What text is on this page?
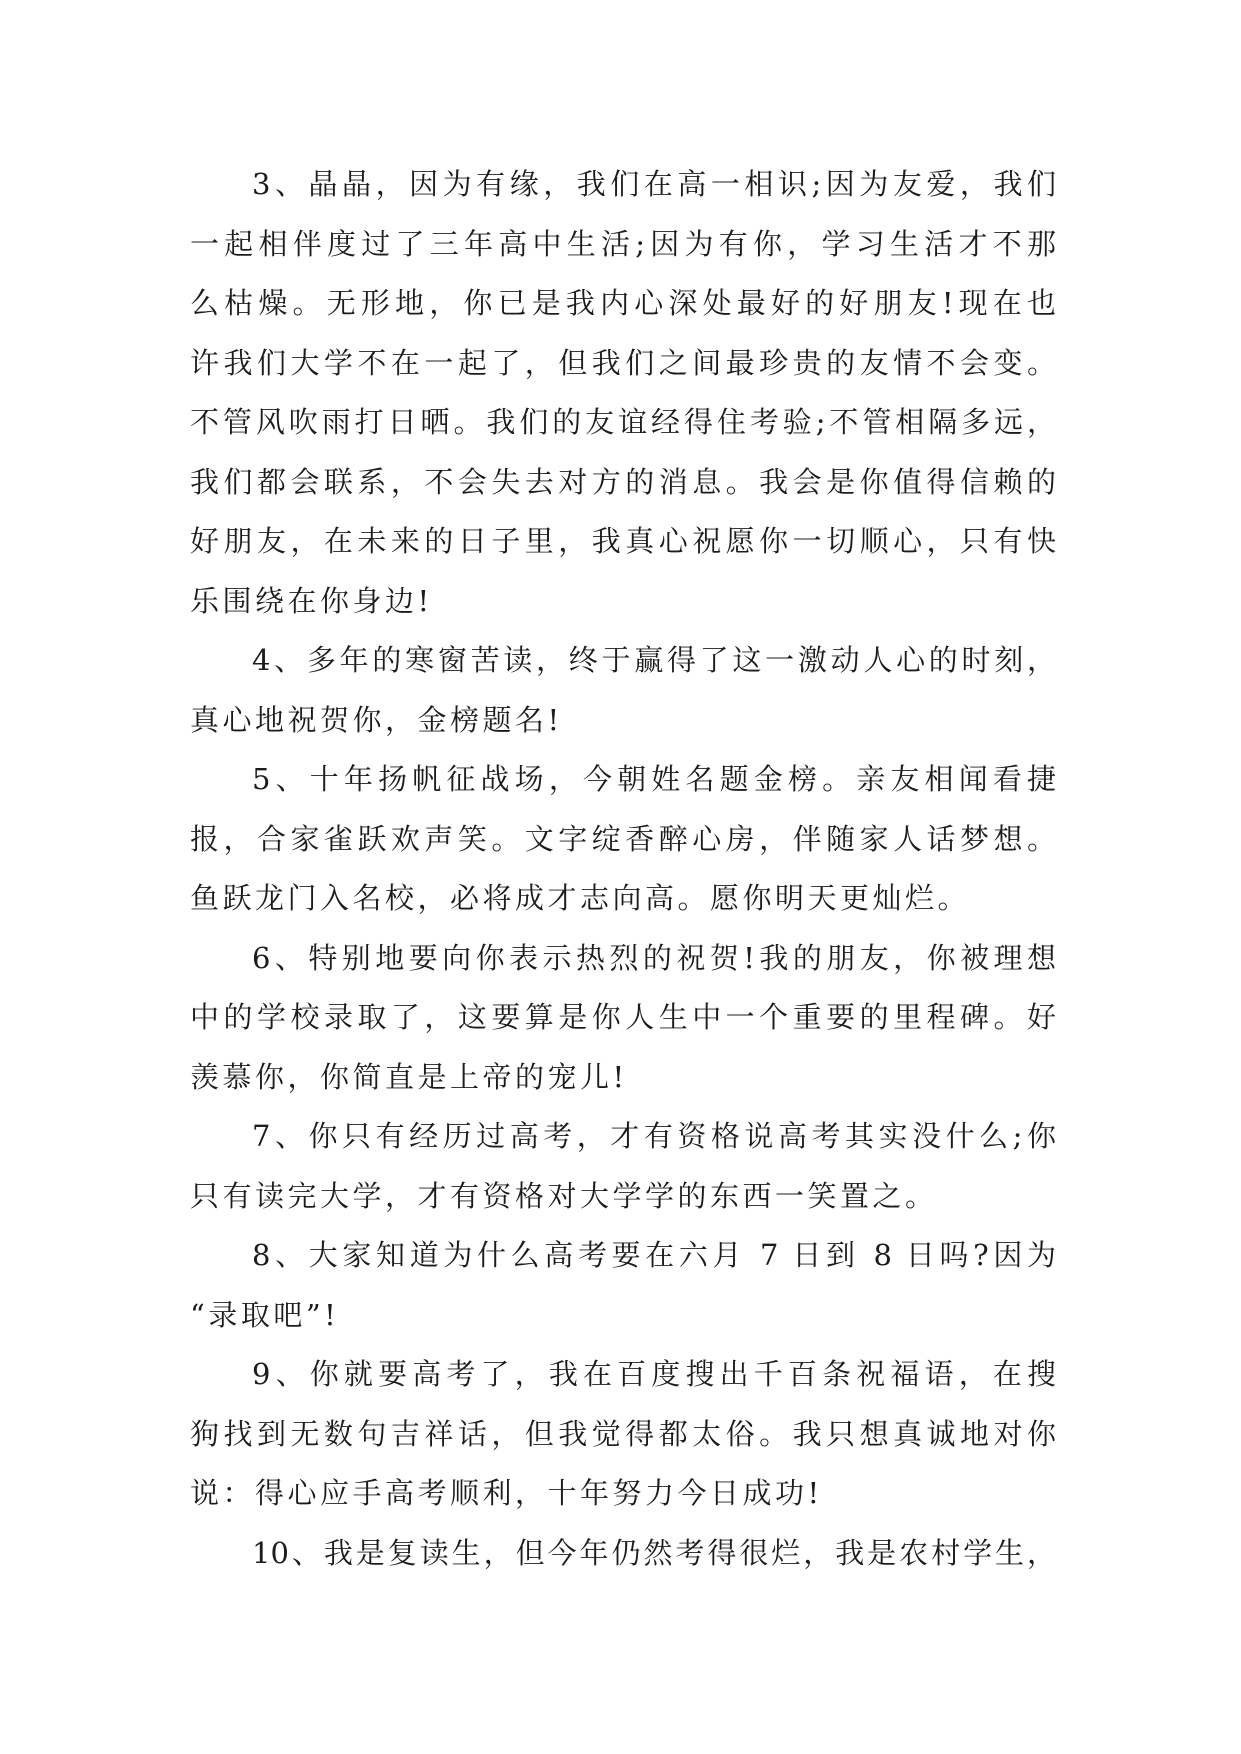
3、晶晶，因为有缘，我们在高一相识;因为友爱，我们
一起相伴度过了三年高中生活;因为有你，学习生活才不那
么枯燥。无形地，你已是我内心深处最好的好朋友!现在也
许我们大学不在一起了，但我们之间最珍贵的友情不会变。
不管风吹雨打日晒。我们的友谊经得住考验;不管相隔多远，
我们都会联系，不会失去对方的消息。我会是你值得信赖的
好朋友，在未来的日子里，我真心祝愿你一切顺心，只有快
乐围绕在你身边!
4、多年的寒窗苦读，终于赢得了这一激动人心的时刻，
真心地祝贺你，金榜题名!
5、十年扬帆征战场，今朝姓名题金榜。亲友相闻看捷
报，合家雀跃欢声笑。文字绽香醉心房，伴随家人话梦想。
鱼跃龙门入名校，必将成才志向高。愿你明天更灿烂。
6、特别地要向你表示热烈的祝贺!我的朋友，你被理想
中的学校录取了，这要算是你人生中一个重要的里程碑。好
羡慕你，你简直是上帝的宠儿!
7、你只有经历过高考，才有资格说高考其实没什么;你
只有读完大学，才有资格对大学学的东西一笑置之。
8、大家知道为什么高考要在六月 7 日到 8 日吗?因为
“录取吧”!
9、你就要高考了，我在百度搜出千百条祝福语，在搜
狗找到无数句吉祥话，但我觉得都太俗。我只想真诚地对你
说：得心应手高考顺利，十年努力今日成功!
10、我是复读生，但今年仍然考得很烂，我是农村学生，
